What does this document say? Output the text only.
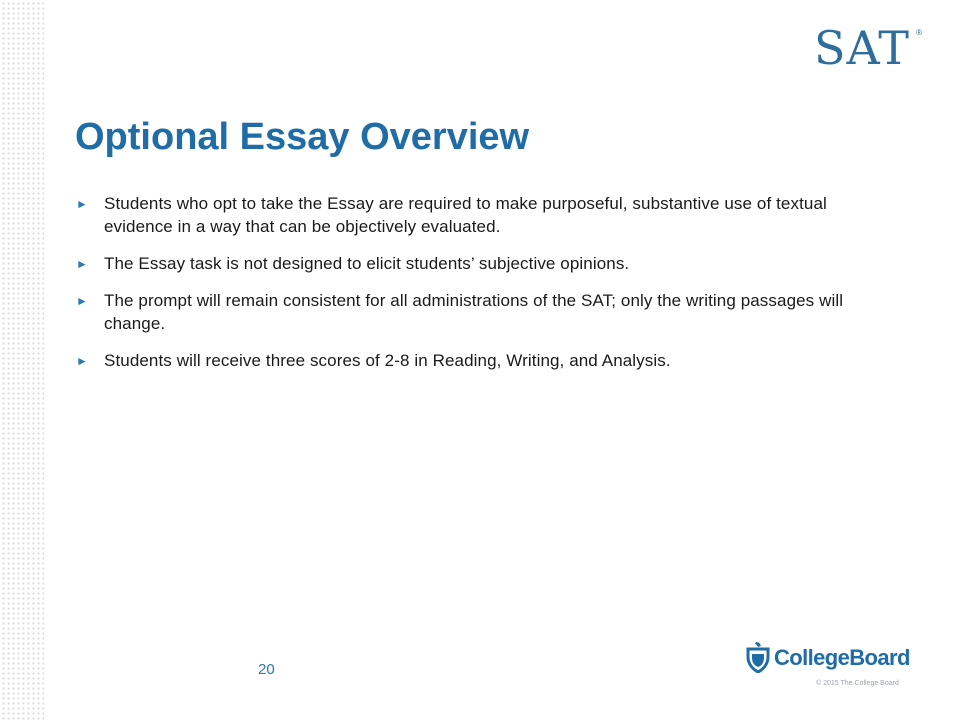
SAT ®
Optional Essay Overview
► Students who opt to take the Essay are required to make purposeful, substantive use of textual evidence in a way that can be objectively evaluated.
► The Essay task is not designed to elicit students’ subjective opinions.
► The prompt will remain consistent for all administrations of the SAT; only the writing passages will change.
► Students will receive three scores of 2-8 in Reading, Writing, and Analysis.
20	CollegeBoard
© 2015 The College Board
